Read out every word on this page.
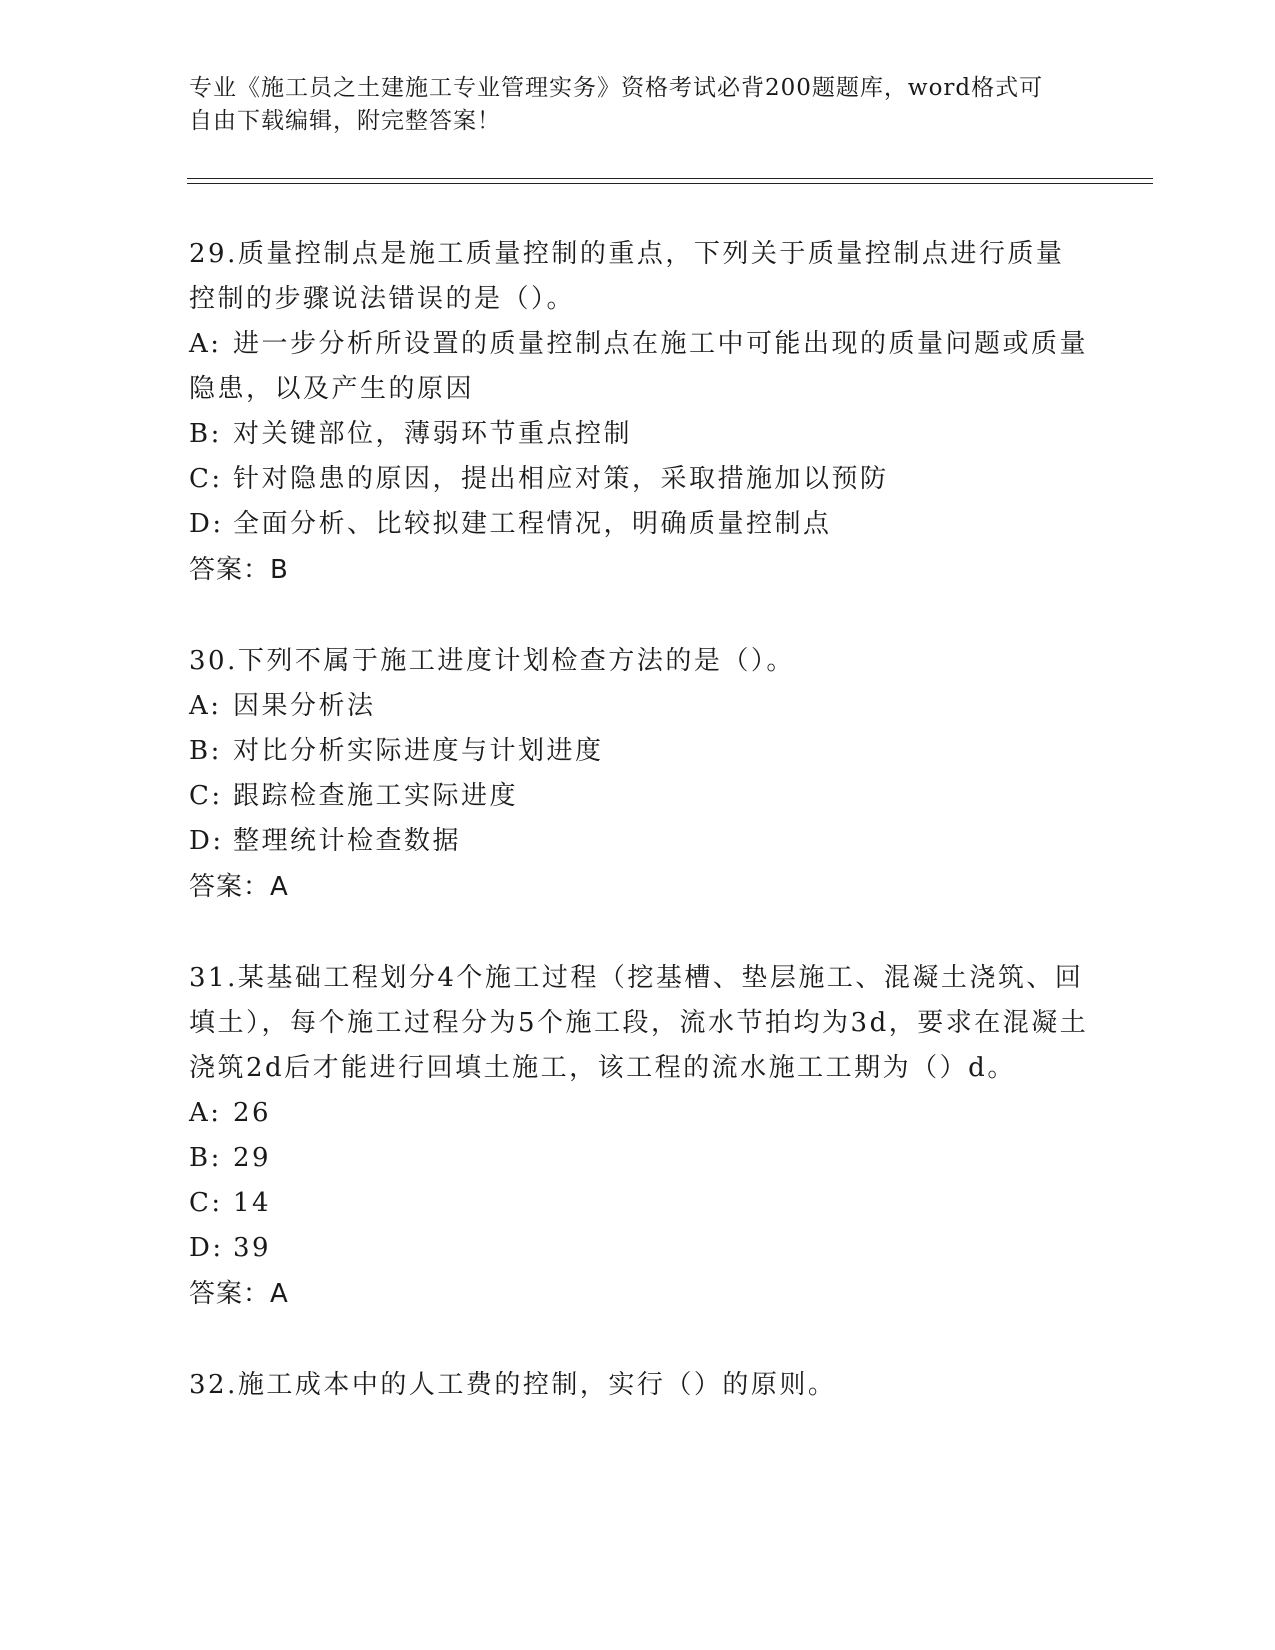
专业《施工员之土建施工专业管理实务》资格考试必背200题题库，word格式可
自由下载编辑，附完整答案！
29.质量控制点是施工质量控制的重点，下列关于质量控制点进行质量控制的步骤说法错误的是（）。
A: 进一步分析所设置的质量控制点在施工中可能出现的质量问题或质量隐患，以及产生的原因
B: 对关键部位，薄弱环节重点控制
C: 针对隐患的原因，提出相应对策，采取措施加以预防
D: 全面分析、比较拟建工程情况，明确质量控制点
答案：B
30.下列不属于施工进度计划检查方法的是（）。
A: 因果分析法
B: 对比分析实际进度与计划进度
C: 跟踪检查施工实际进度
D: 整理统计检查数据
答案：A
31.某基础工程划分4个施工过程（挖基槽、垫层施工、混凝土浇筑、回填土），每个施工过程分为5个施工段，流水节拍均为3d，要求在混凝土浇筑2d后才能进行回填土施工，该工程的流水施工工期为（）d。
A: 26
B: 29
C: 14
D: 39
答案：A
32.施工成本中的人工费的控制，实行（）的原则。
